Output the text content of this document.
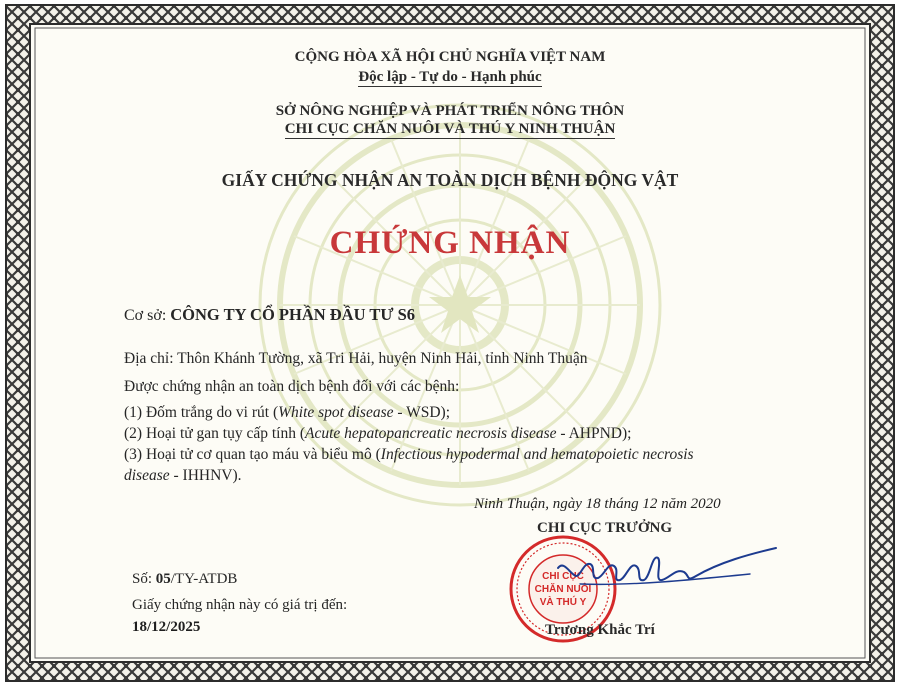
CỘNG HÒA XÃ HỘI CHỦ NGHĨA VIỆT NAM
Độc lập - Tự do - Hạnh phúc
SỞ NÔNG NGHIỆP VÀ PHÁT TRIỂN NÔNG THÔN
CHI CỤC CHĂN NUÔI VÀ THÚ Y NINH THUẬN
GIẤY CHỨNG NHẬN AN TOÀN DỊCH BỆNH ĐỘNG VẬT
CHỨNG NHẬN
Cơ sở: CÔNG TY CỔ PHẦN ĐẦU TƯ S6
Địa chỉ: Thôn Khánh Tường, xã Tri Hải, huyện Ninh Hải, tỉnh Ninh Thuận
Được chứng nhận an toàn dịch bệnh đối với các bệnh:
(1) Đốm trắng do vi rút (White spot disease - WSD);
(2) Hoại tử gan tụy cấp tính (Acute hepatopancreatic necrosis disease - AHPND);
(3) Hoại tử cơ quan tạo máu và biểu mô (Infectious hypodermal and hematopoietic necrosis
disease - IHHNV).
Ninh Thuận, ngày 18 tháng 12 năm 2020
CHI CỤC TRƯỞNG
CHI CỤC
CHĂN NUÔI
VÀ THÚ Y
Trương Khắc Trí
Số: 05/TY-ATDB
Giấy chứng nhận này có giá trị đến:
18/12/2025
